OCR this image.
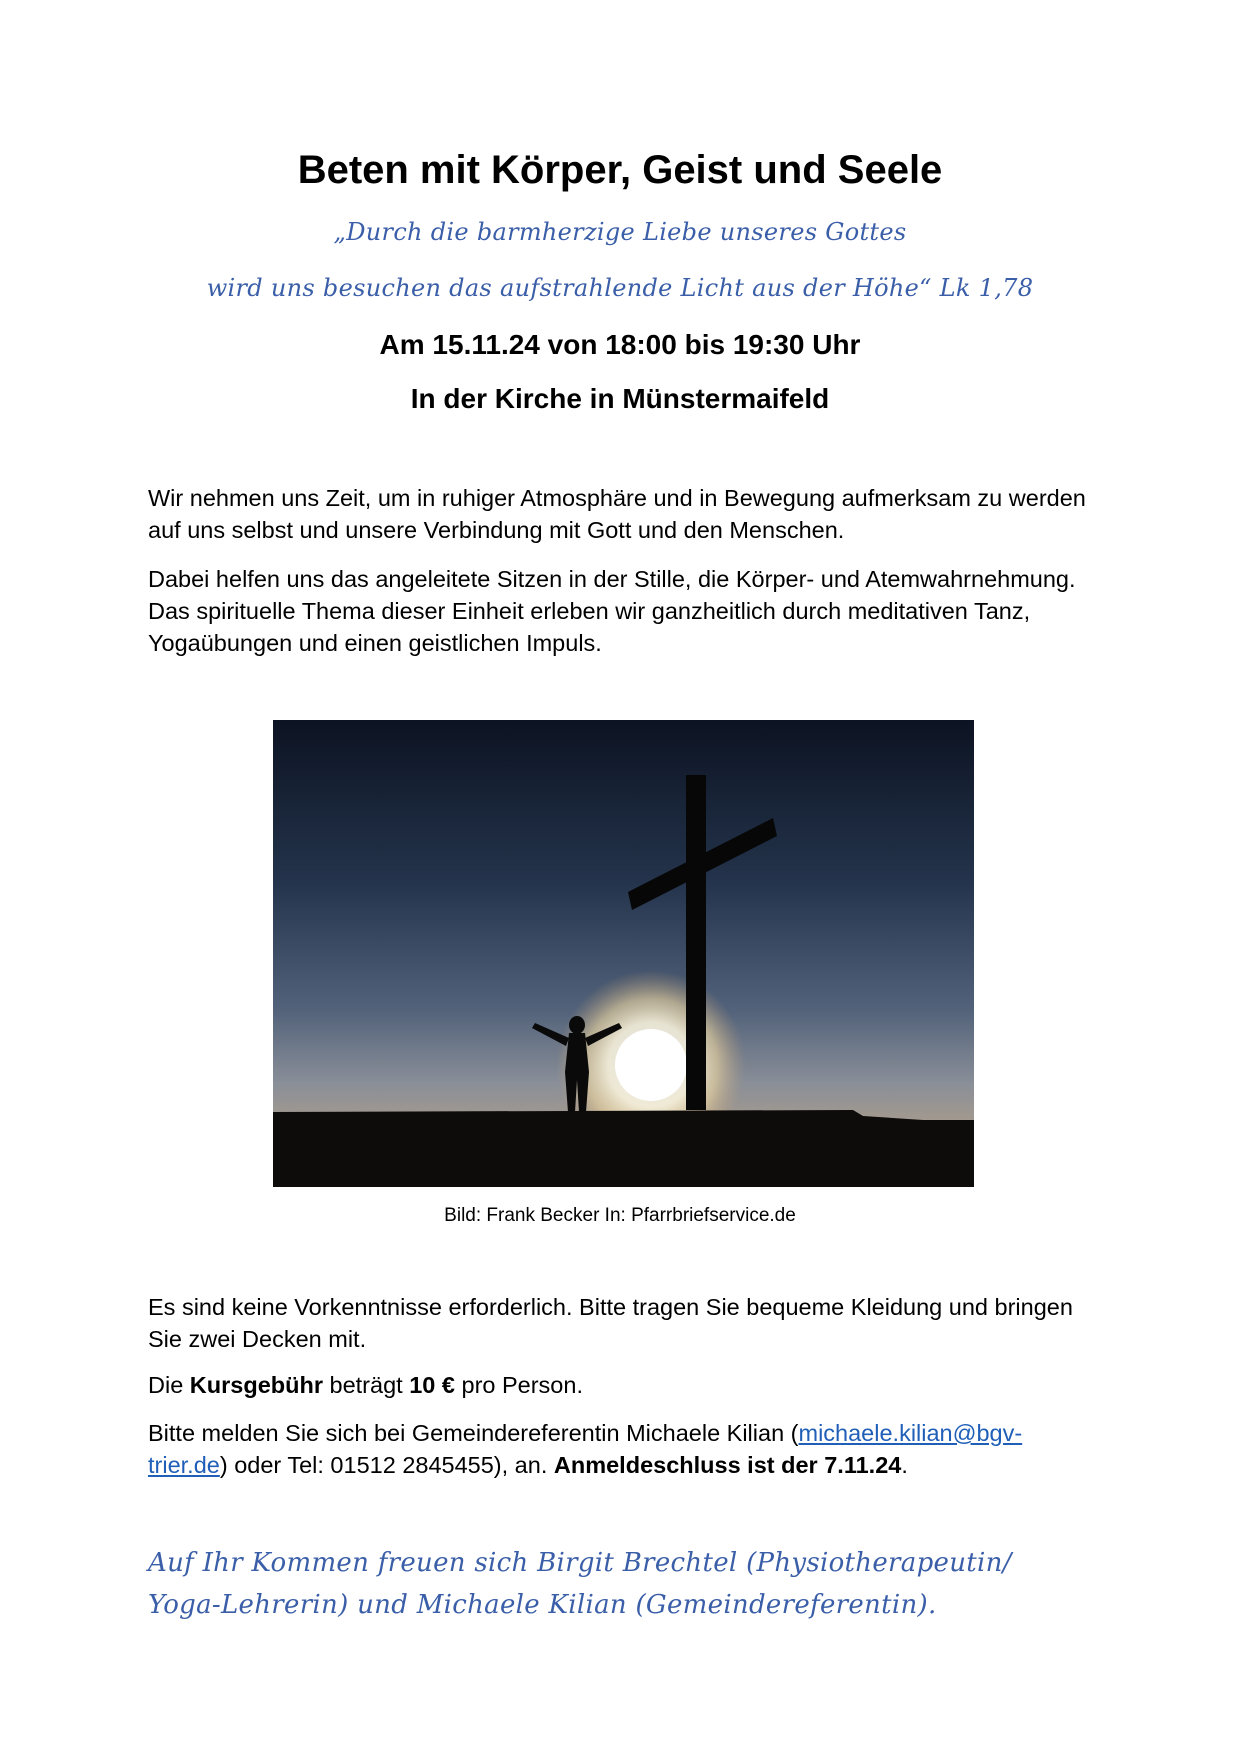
Beten mit Körper, Geist und Seele
„Durch die barmherzige Liebe unseres Gottes
wird uns besuchen das aufstrahlende Licht aus der Höhe“ Lk 1,78
Am 15.11.24 von 18:00 bis 19:30 Uhr
In der Kirche in Münstermaifeld

Wir nehmen uns Zeit, um in ruhiger Atmosphäre und in Bewegung aufmerksam zu werden auf uns selbst und unsere Verbindung mit Gott und den Menschen.

Dabei helfen uns das angeleitete Sitzen in der Stille, die Körper- und Atemwahrnehmung. Das spirituelle Thema dieser Einheit erleben wir ganzheitlich durch meditativen Tanz, Yogaübungen und einen geistlichen Impuls.

Bild: Frank Becker In: Pfarrbriefservice.de

Es sind keine Vorkenntnisse erforderlich. Bitte tragen Sie bequeme Kleidung und bringen Sie zwei Decken mit.

Die Kursgebühr beträgt 10 € pro Person.

Bitte melden Sie sich bei Gemeindereferentin Michaele Kilian (michaele.kilian@bgv-trier.de) oder Tel: 01512 2845455), an. Anmeldeschluss ist der 7.11.24.

Auf Ihr Kommen freuen sich Birgit Brechtel (Physiotherapeutin/ Yoga-Lehrerin) und Michaele Kilian (Gemeindereferentin).
